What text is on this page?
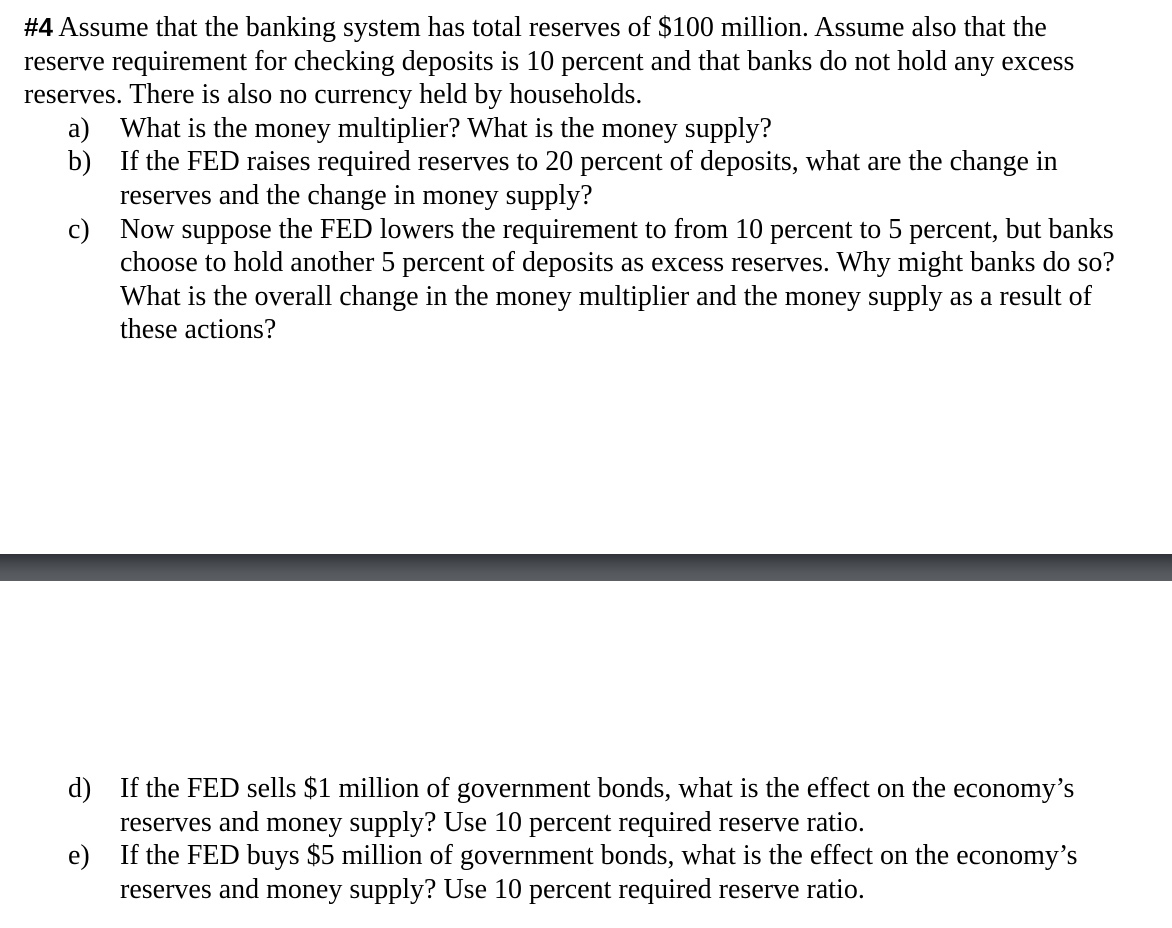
#4 Assume that the banking system has total reserves of $100 million. Assume also that the

reserve requirement for checking deposits is 10 percent and that banks do not hold any excess

reserves. There is also no currency held by households.

a) What is the money multiplier? What is the money supply?

b) If the FED raises required reserves to 20 percent of deposits, what are the change in

reserves and the change in money supply?

c) Now suppose the FED lowers the requirement to from 10 percent to 5 percent, but banks

choose to hold another 5 percent of deposits as excess reserves. Why might banks do so?

What is the overall change in the money multiplier and the money supply as a result of

these actions?

d) If the FED sells $1 million of government bonds, what is the effect on the economy’s

reserves and money supply? Use 10 percent required reserve ratio.

e) If the FED buys $5 million of government bonds, what is the effect on the economy’s

reserves and money supply? Use 10 percent required reserve ratio.
